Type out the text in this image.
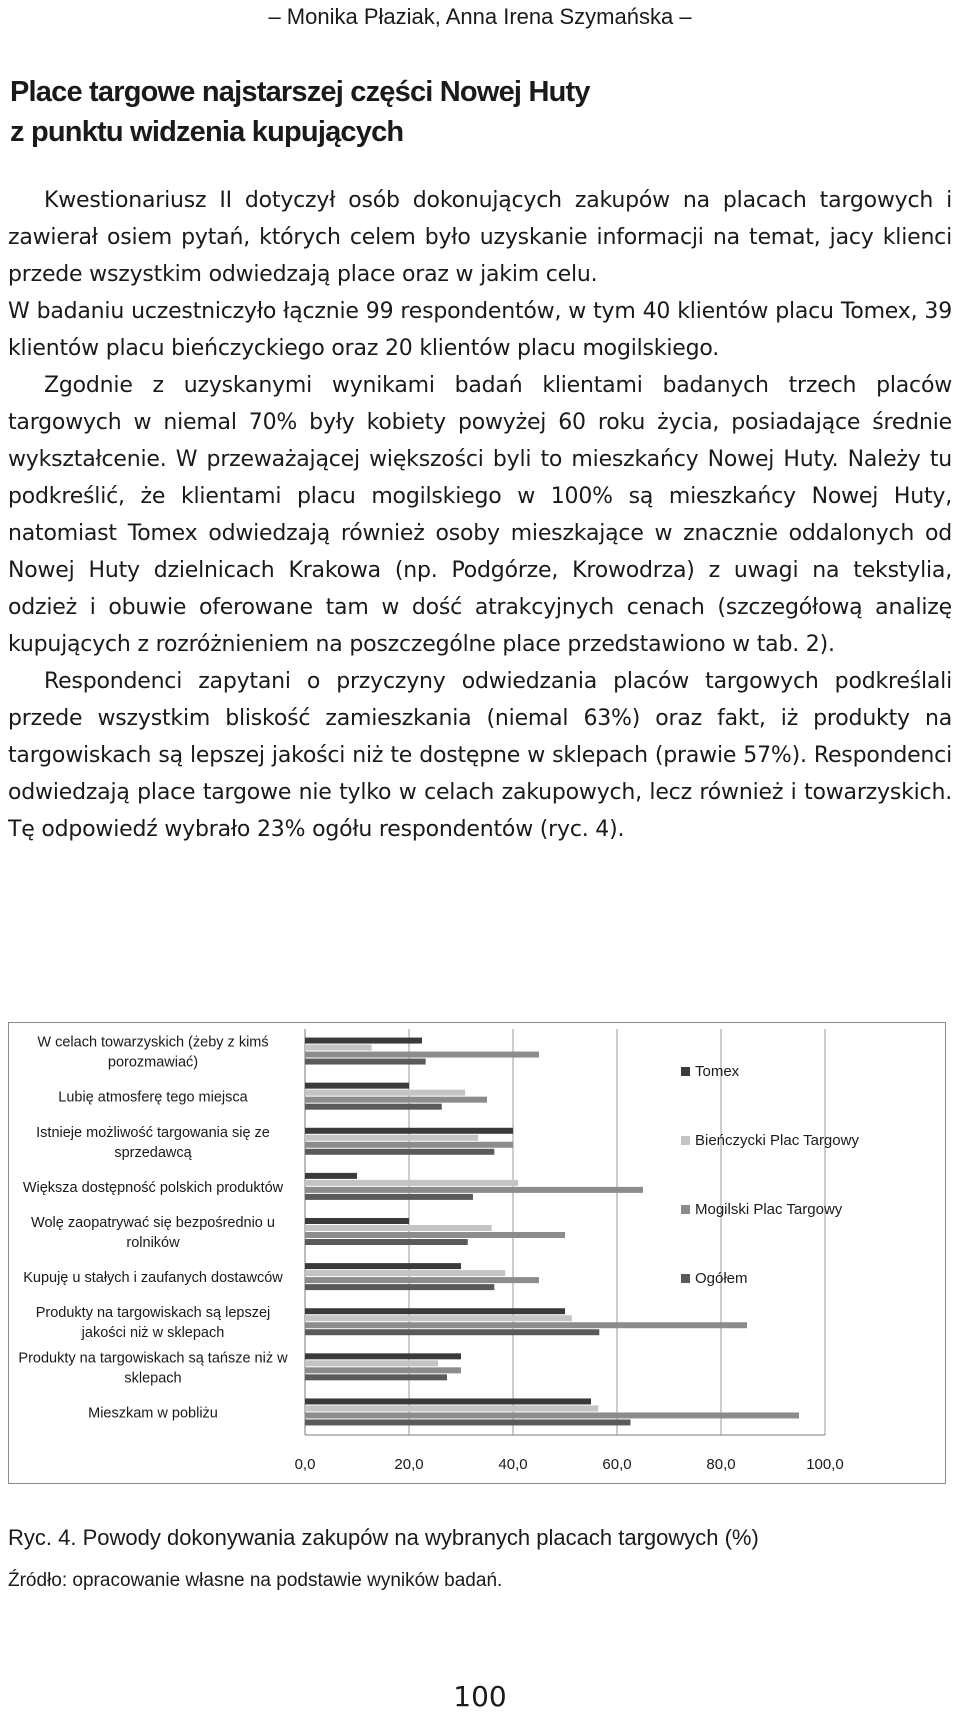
– Monika Płaziak, Anna Irena Szymańska –
Place targowe najstarszej części Nowej Huty
z punktu widzenia kupujących

Kwestionariusz II dotyczył osób dokonujących zakupów na placach targowych i zawierał osiem pytań, których celem było uzyskanie informacji na temat, jacy klienci przede wszystkim odwiedzają place oraz w jakim celu.

W badaniu uczestniczyło łącznie 99 respondentów, w tym 40 klientów placu Tomex, 39 klientów placu bieńczyckiego oraz 20 klientów placu mogilskiego.

Zgodnie z uzyskanymi wynikami badań klientami badanych trzech placów targowych w niemal 70% były kobiety powyżej 60 roku życia, posiadające średnie wykształcenie. W przeważającej większości byli to mieszkańcy Nowej Huty. Należy tu podkreślić, że klientami placu mogilskiego w 100% są mieszkańcy Nowej Huty, natomiast Tomex odwiedzają również osoby mieszkające w znacznie oddalonych od Nowej Huty dzielnicach Krakowa (np. Podgórze, Krowodrza) z uwagi na tekstylia, odzież i obuwie oferowane tam w dość atrakcyjnych cenach (szczegółową analizę kupujących z rozróżnieniem na poszczególne place przedstawiono w tab. 2).

Respondenci zapytani o przyczyny odwiedzania placów targowych podkreślali przede wszystkim bliskość zamieszkania (niemal 63%) oraz fakt, iż produkty na targowiskach są lepszej jakości niż te dostępne w sklepach (prawie 57%). Respondenci odwiedzają place targowe nie tylko w celach zakupowych, lecz również i towarzyskich. Tę odpowiedź wybrało 23% ogółu respondentów (ryc. 4).

W celach towarzyskich (żeby z kimś
porozmawiać)
Lubię atmosferę tego miejsca
Istnieje możliwość targowania się ze
sprzedawcą
Większa dostępność polskich produktów
Wolę zaopatrywać się bezpośrednio u
rolników
Kupuję u stałych i zaufanych dostawców
Produkty na targowiskach są lepszej
jakości niż w sklepach
Produkty na targowiskach są tańsze niż w
sklepach
Mieszkam w pobliżu
0,0	20,0	40,0	60,0	80,0	100,0
Tomex
Bieńczycki Plac Targowy
Mogilski Plac Targowy
Ogółem
Ryc. 4. Powody dokonywania zakupów na wybranych placach targowych (%)
Źródło: opracowanie własne na podstawie wyników badań.
100
